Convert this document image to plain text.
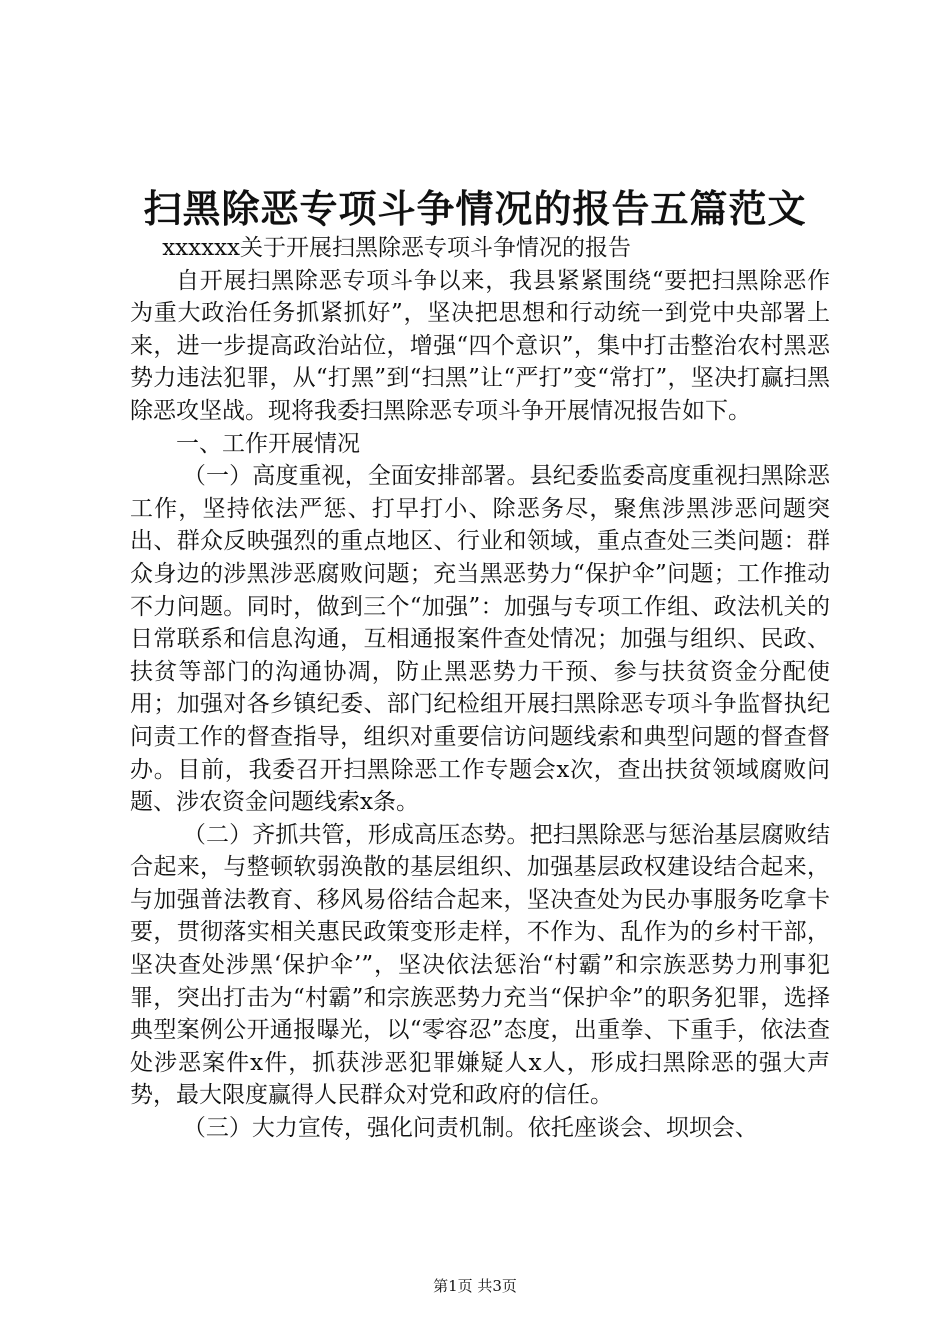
扫黑除恶专项斗争情况的报告五篇范文

xxxxxx关于开展扫黑除恶专项斗争情况的报告

自开展扫黑除恶专项斗争以来，我县紧紧围绕“要把扫黑除恶作为重大政治任务抓紧抓好”，坚决把思想和行动统一到党中央部署上来，进一步提高政治站位，增强“四个意识”，集中打击整治农村黑恶势力违法犯罪，从“打黑”到“扫黑”让“严打”变“常打”，坚决打赢扫黑除恶攻坚战。现将我委扫黑除恶专项斗争开展情况报告如下。

一、工作开展情况

（一）高度重视，全面安排部署。县纪委监委高度重视扫黑除恶工作，坚持依法严惩、打早打小、除恶务尽，聚焦涉黑涉恶问题突出、群众反映强烈的重点地区、行业和领域，重点查处三类问题：群众身边的涉黑涉恶腐败问题；充当黑恶势力“保护伞”问题；工作推动不力问题。同时，做到三个“加强”：加强与专项工作组、政法机关的日常联系和信息沟通，互相通报案件查处情况；加强与组织、民政、扶贫等部门的沟通协凋，防止黑恶势力干预、参与扶贫资金分配使用；加强对各乡镇纪委、部门纪检组开展扫黑除恶专项斗争监督执纪问责工作的督查指导，组织对重要信访问题线索和典型问题的督查督办。目前，我委召开扫黑除恶工作专题会x次，查出扶贫领域腐败问题、涉农资金问题线索x条。

（二）齐抓共管，形成高压态势。把扫黑除恶与惩治基层腐败结合起来，与整顿软弱涣散的基层组织、加强基层政权建设结合起来，与加强普法教育、移风易俗结合起来，坚决查处为民办事服务吃拿卡要，贯彻落实相关惠民政策变形走样，不作为、乱作为的乡村干部，坚决查处涉黑‘保护伞’”，坚决依法惩治“村霸”和宗族恶势力刑事犯罪，突出打击为“村霸”和宗族恶势力充当“保护伞”的职务犯罪，选择典型案例公开通报曝光，以“零容忍”态度，出重拳、下重手，依法查处涉恶案件x件，抓获涉恶犯罪嫌疑人x人，形成扫黑除恶的强大声势，最大限度赢得人民群众对党和政府的信任。

（三）大力宣传，强化问责机制。依托座谈会、坝坝会、

第1页 共3页
